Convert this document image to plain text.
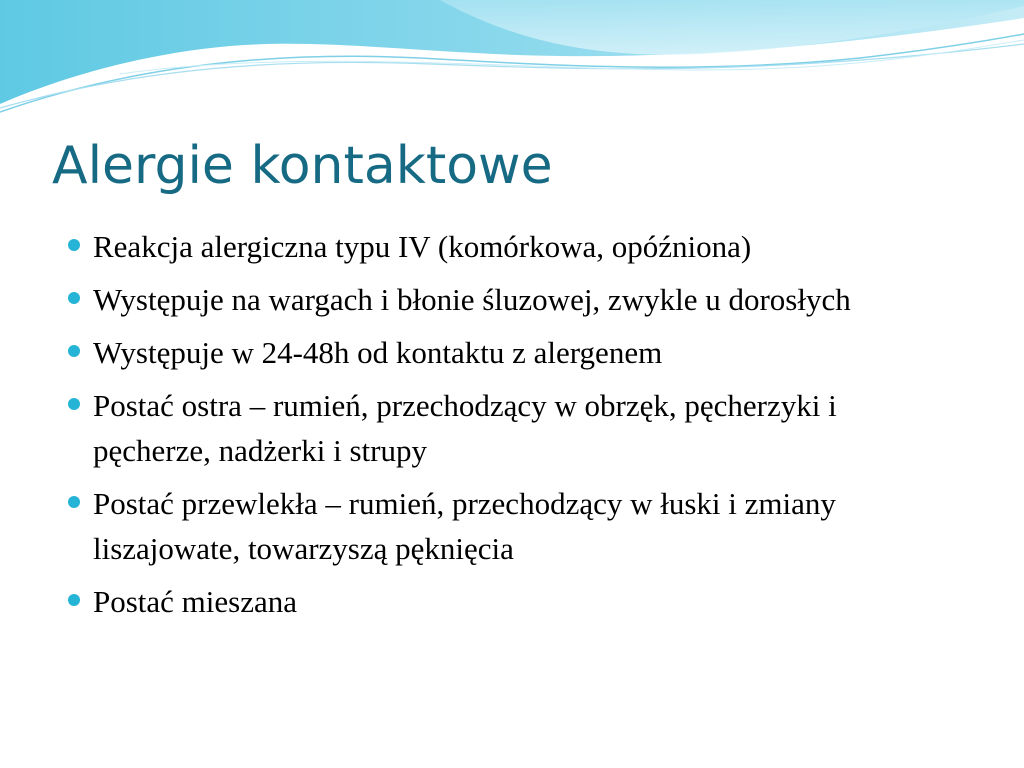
Alergie kontaktowe
Reakcja alergiczna typu IV (komórkowa, opóźniona)
Występuje na wargach i błonie śluzowej, zwykle u dorosłych
Występuje w 24-48h od kontaktu z alergenem
Postać ostra – rumień, przechodzący w obrzęk, pęcherzyki i pęcherze, nadżerki i strupy
Postać przewlekła – rumień, przechodzący w łuski i zmiany liszajowate, towarzyszą pęknięcia
Postać mieszana
